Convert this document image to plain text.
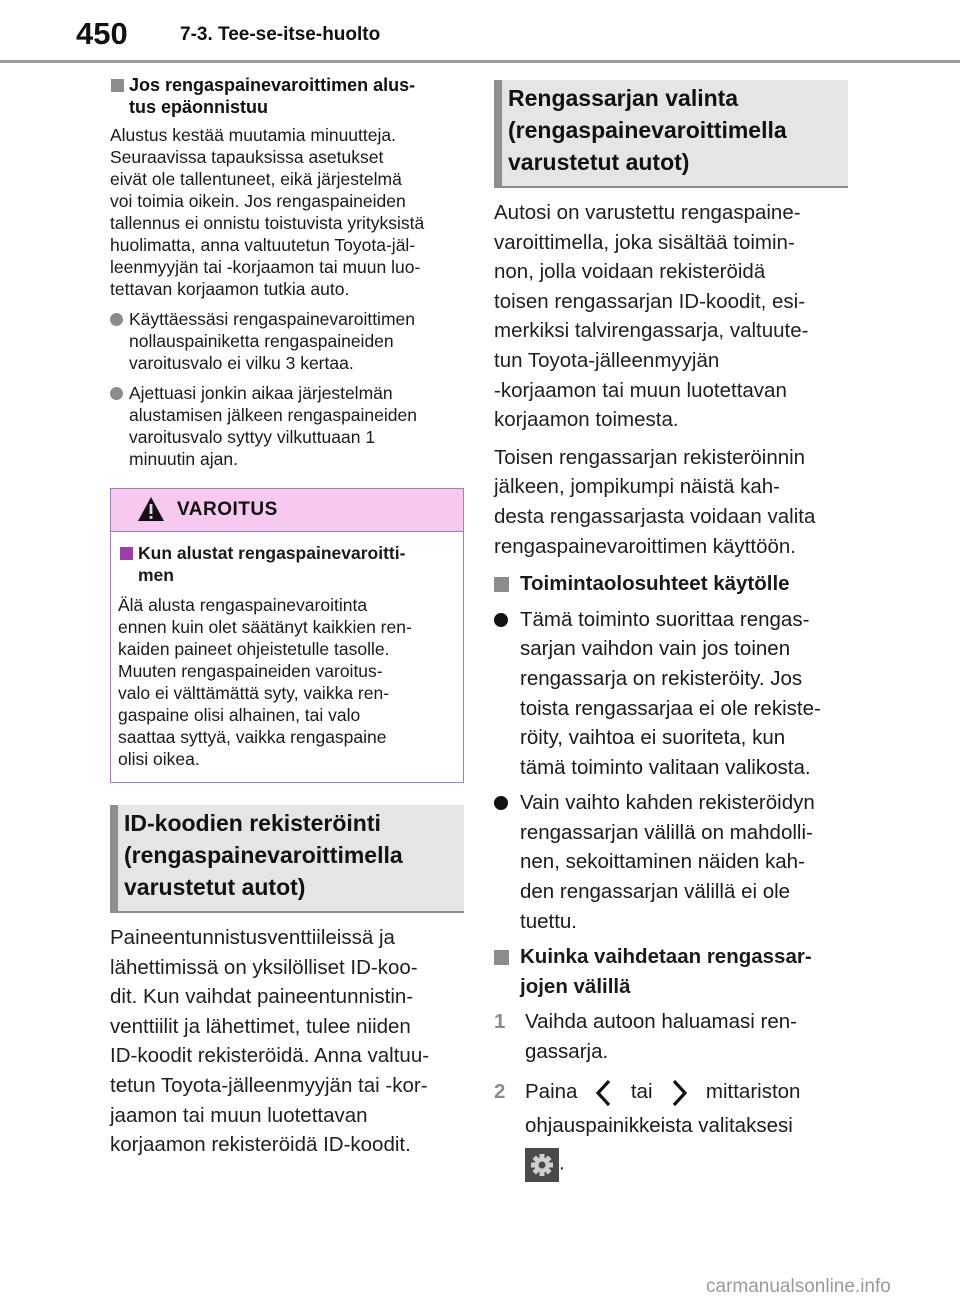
450	7-3. Tee-se-itse-huolto
Jos rengaspainevaroittimen alus-
tus epäonnistuu

Alustus kestää muutamia minuutteja.
Seuraavissa tapauksissa asetukset
eivät ole tallentuneet, eikä järjestelmä
voi toimia oikein. Jos rengaspaineiden
tallennus ei onnistu toistuvista yrityksistä
huolimatta, anna valtuutetun Toyota-jäl-
leenmyyjän tai -korjaamon tai muun luo-
tettavan korjaamon tutkia auto.

Käyttäessäsi rengaspainevaroittimen
nollauspainiketta rengaspaineiden
varoitusvalo ei vilku 3 kertaa.
Ajettuasi jonkin aikaa järjestelmän
alustamisen jälkeen rengaspaineiden
varoitusvalo syttyy vilkuttuaan 1
minuutin ajan.
VAROITUS
Kun alustat rengaspainevaroitti-
men

Älä alusta rengaspainevaroitinta
ennen kuin olet säätänyt kaikkien ren-
kaiden paineet ohjeistetulle tasolle.
Muuten rengaspaineiden varoitus-
valo ei välttämättä syty, vaikka ren-
gaspaine olisi alhainen, tai valo
saattaa syttyä, vaikka rengaspaine
olisi oikea.

ID-koodien rekisteröinti
(rengaspainevaroittimella
varustetut autot)

Paineentunnistusventtiileissä ja
lähettimissä on yksilölliset ID-koo-
dit. Kun vaihdat paineentunnistin-
venttiilit ja lähettimet, tulee niiden
ID-koodit rekisteröidä. Anna valtuu-
tetun Toyota-jälleenmyyjän tai -kor-
jaamon tai muun luotettavan
korjaamon rekisteröidä ID-koodit.

Rengassarjan valinta
(rengaspainevaroittimella
varustetut autot)

Autosi on varustettu rengaspaine-
varoittimella, joka sisältää toimin-
non, jolla voidaan rekisteröidä
toisen rengassarjan ID-koodit, esi-
merkiksi talvirengassarja, valtuute-
tun Toyota-jälleenmyyjän
-korjaamon tai muun luotettavan
korjaamon toimesta.

Toisen rengassarjan rekisteröinnin
jälkeen, jompikumpi näistä kah-
desta rengassarjasta voidaan valita
rengaspainevaroittimen käyttöön.

Toimintaolosuhteet käytölle
Tämä toiminto suorittaa rengas-
sarjan vaihdon vain jos toinen
rengassarja on rekisteröity. Jos
toista rengassarjaa ei ole rekiste-
röity, vaihtoa ei suoriteta, kun
tämä toiminto valitaan valikosta.
Vain vaihto kahden rekisteröidyn
rengassarjan välillä on mahdolli-
nen, sekoittaminen näiden kah-
den rengassarjan välillä ei ole
tuettu.
Kuinka vaihdetaan rengassar-
jojen välillä
1 Vaihda autoon haluamasi ren-
gassarja.
2 Paina	tai	mittariston
ohjauspainikkeista valitaksesi
.
carmanualsonline.info
